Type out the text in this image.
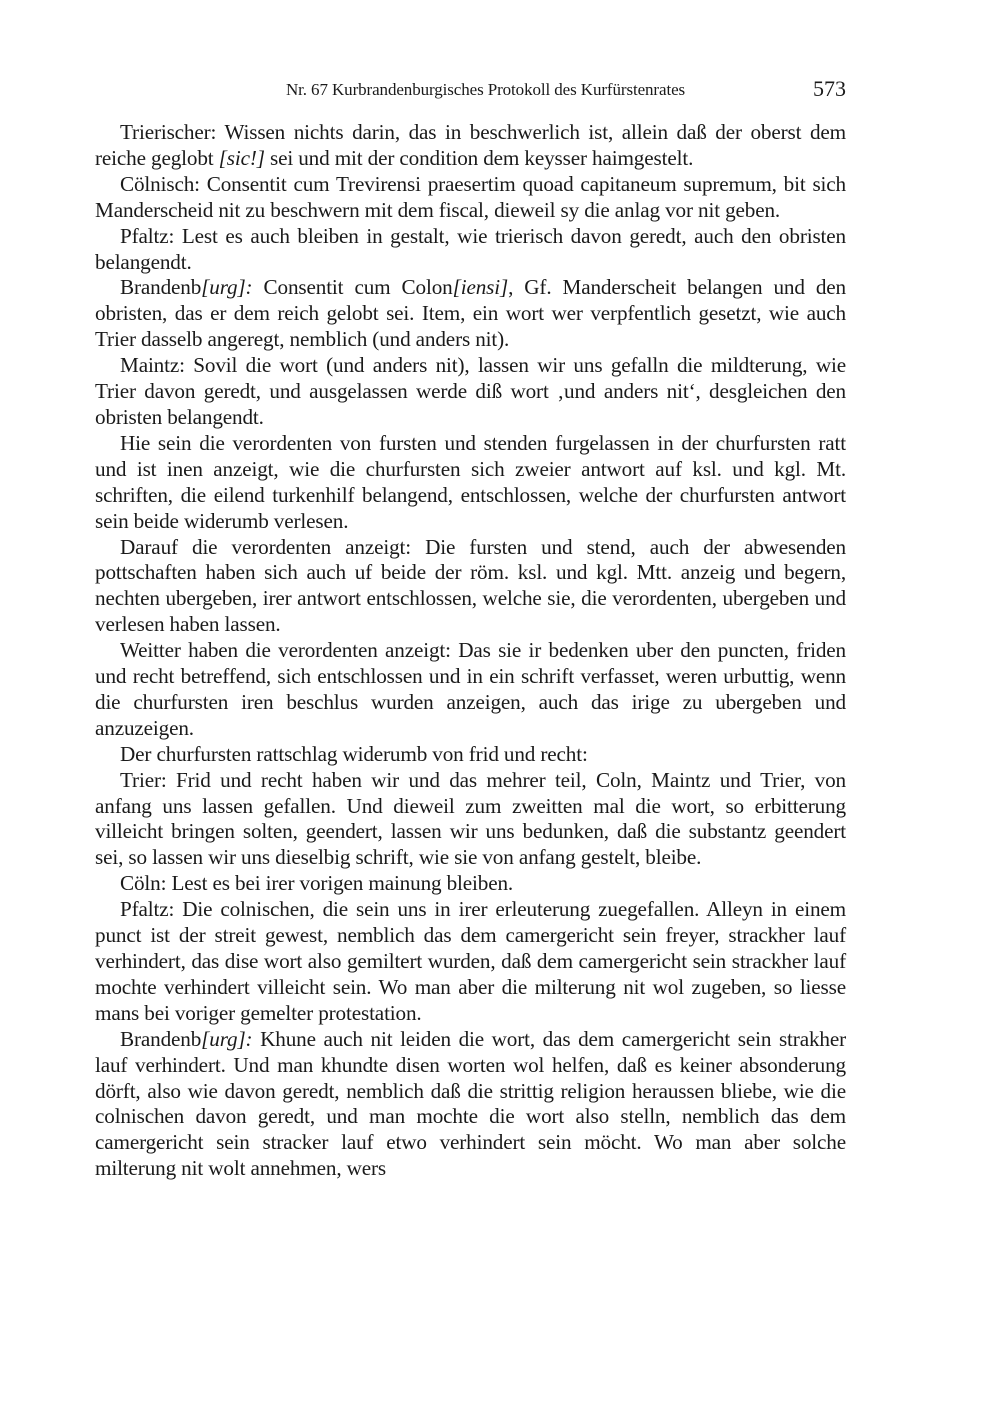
Nr. 67 Kurbrandenburgisches Protokoll des Kurfürstenrates	573

Trierischer: Wissen nichts darin, das in beschwerlich ist, allein daß der oberst dem reiche geglobt [sic!] sei und mit der condition dem keysser haimgestelt.

Cölnisch: Consentit cum Trevirensi praesertim quoad capitaneum supremum, bit sich Manderscheid nit zu beschwern mit dem fiscal, dieweil sy die anlag vor nit geben.

Pfaltz: Lest es auch bleiben in gestalt, wie trierisch davon geredt, auch den obristen belangendt.

Brandenb[urg]: Consentit cum Colon[iensi], Gf. Manderscheit belangen und den obristen, das er dem reich gelobt sei. Item, ein wort wer verpfentlich gesetzt, wie auch Trier dasselb angeregt, nemblich (und anders nit).

Maintz: Sovil die wort (und anders nit), lassen wir uns gefalln die mildterung, wie Trier davon geredt, und ausgelassen werde diß wort ‚und anders nit‘, desgleichen den obristen belangendt.

Hie sein die verordenten von fursten und stenden furgelassen in der churfursten ratt und ist inen anzeigt, wie die churfursten sich zweier antwort auf ksl. und kgl. Mt. schriften, die eilend turkenhilf belangend, entschlossen, welche der churfursten antwort sein beide widerumb verlesen.

Darauf die verordenten anzeigt: Die fursten und stend, auch der abwesenden pottschaften haben sich auch uf beide der röm. ksl. und kgl. Mtt. anzeig und begern, nechten ubergeben, irer antwort entschlossen, welche sie, die verordenten, ubergeben und verlesen haben lassen.

Weitter haben die verordenten anzeigt: Das sie ir bedenken uber den puncten, friden und recht betreffend, sich entschlossen und in ein schrift verfasset, weren urbuttig, wenn die churfursten iren beschlus wurden anzeigen, auch das irige zu ubergeben und anzuzeigen.

Der churfursten rattschlag widerumb von frid und recht:

Trier: Frid und recht haben wir und das mehrer teil, Coln, Maintz und Trier, von anfang uns lassen gefallen. Und dieweil zum zweitten mal die wort, so erbitterung villeicht bringen solten, geendert, lassen wir uns bedunken, daß die substantz geendert sei, so lassen wir uns dieselbig schrift, wie sie von anfang gestelt, bleibe.

Cöln: Lest es bei irer vorigen mainung bleiben.

Pfaltz: Die colnischen, die sein uns in irer erleuterung zuegefallen. Alleyn in einem punct ist der streit gewest, nemblich das dem camergericht sein freyer, strackher lauf verhindert, das dise wort also gemiltert wurden, daß dem camergericht sein strackher lauf mochte verhindert villeicht sein. Wo man aber die milterung nit wol zugeben, so liesse mans bei voriger gemelter protestation.

Brandenb[urg]: Khune auch nit leiden die wort, das dem camergericht sein strakher lauf verhindert. Und man khundte disen worten wol helfen, daß es keiner absonderung dörft, also wie davon geredt, nemblich daß die strittig religion heraussen bliebe, wie die colnischen davon geredt, und man mochte die wort also stelln, nemblich das dem camergericht sein stracker lauf etwo verhindert sein möcht. Wo man aber solche milterung nit wolt annehmen, wers
